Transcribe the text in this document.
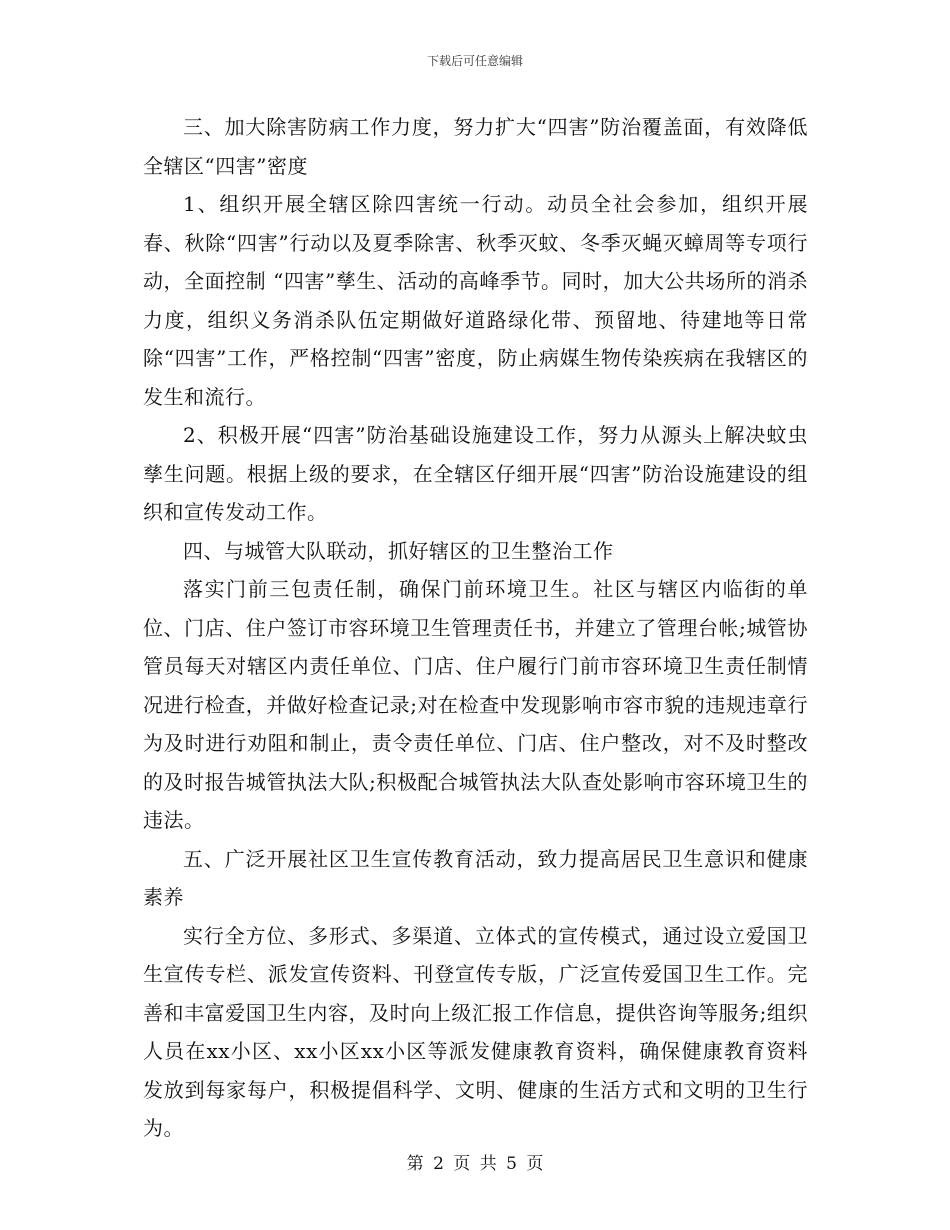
下载后可任意编辑

三、加大除害防病工作力度，努力扩大“四害”防治覆盖面，有效降低全辖区“四害”密度

1、组织开展全辖区除四害统一行动。动员全社会参加，组织开展春、秋除“四害”行动以及夏季除害、秋季灭蚊、冬季灭蝇灭蟑周等专项行动，全面控制 “四害”孳生、活动的高峰季节。同时，加大公共场所的消杀力度，组织义务消杀队伍定期做好道路绿化带、预留地、待建地等日常除“四害”工作，严格控制“四害”密度，防止病媒生物传染疾病在我辖区的发生和流行。

2、积极开展“四害”防治基础设施建设工作，努力从源头上解决蚊虫孳生问题。根据上级的要求，在全辖区仔细开展“四害”防治设施建设的组织和宣传发动工作。

四、与城管大队联动，抓好辖区的卫生整治工作

落实门前三包责任制，确保门前环境卫生。社区与辖区内临街的单位、门店、住户签订市容环境卫生管理责任书，并建立了管理台帐;城管协管员每天对辖区内责任单位、门店、住户履行门前市容环境卫生责任制情况进行检查，并做好检查记录;对在检查中发现影响市容市貌的违规违章行为及时进行劝阻和制止，责令责任单位、门店、住户整改，对不及时整改的及时报告城管执法大队;积极配合城管执法大队查处影响市容环境卫生的违法。

五、广泛开展社区卫生宣传教育活动，致力提高居民卫生意识和健康素养

实行全方位、多形式、多渠道、立体式的宣传模式，通过设立爱国卫生宣传专栏、派发宣传资料、刊登宣传专版，广泛宣传爱国卫生工作。完善和丰富爱国卫生内容，及时向上级汇报工作信息，提供咨询等服务;组织人员在xx小区、xx小区xx小区等派发健康教育资料，确保健康教育资料发放到每家每户，积极提倡科学、文明、健康的生活方式和文明的卫生行为。

第 2 页 共 5 页
